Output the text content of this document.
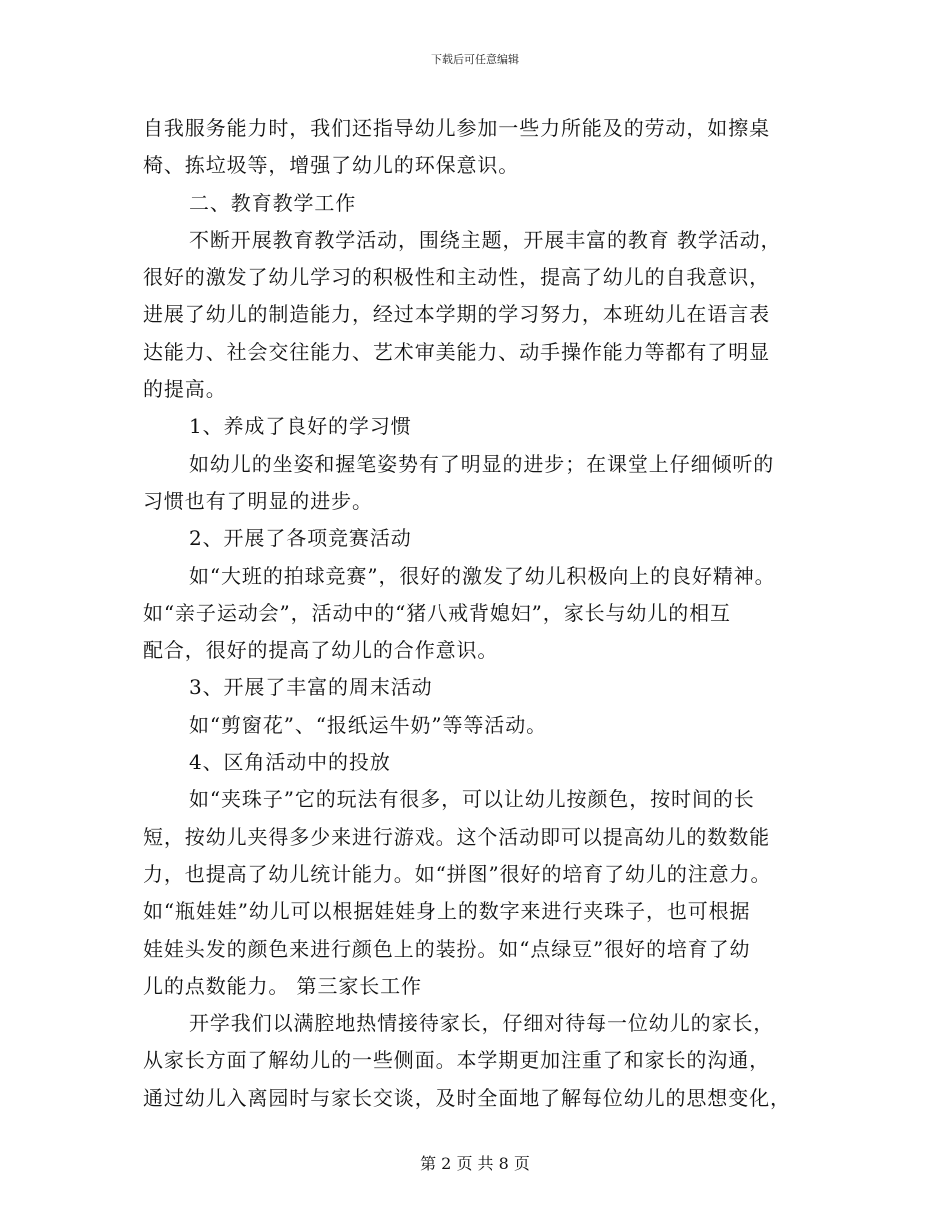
下载后可任意编辑
自我服务能力时，我们还指导幼儿参加一些力所能及的劳动，如擦桌
椅、拣垃圾等，增强了幼儿的环保意识。
二、教育教学工作
不断开展教育教学活动，围绕主题，开展丰富的教育 教学活动，
很好的激发了幼儿学习的积极性和主动性，提高了幼儿的自我意识，
进展了幼儿的制造能力，经过本学期的学习努力，本班幼儿在语言表
达能力、社会交往能力、艺术审美能力、动手操作能力等都有了明显
的提高。
1、养成了良好的学习惯
如幼儿的坐姿和握笔姿势有了明显的进步；在课堂上仔细倾听的
习惯也有了明显的进步。
2、开展了各项竞赛活动
如“大班的拍球竞赛”，很好的激发了幼儿积极向上的良好精神。
如“亲子运动会”，活动中的“猪八戒背媳妇”，家长与幼儿的相互
配合，很好的提高了幼儿的合作意识。
3、开展了丰富的周末活动
如“剪窗花”、“报纸运牛奶”等等活动。
4、区角活动中的投放
如“夹珠子”它的玩法有很多，可以让幼儿按颜色，按时间的长
短，按幼儿夹得多少来进行游戏。这个活动即可以提高幼儿的数数能
力，也提高了幼儿统计能力。如“拼图”很好的培育了幼儿的注意力。
如“瓶娃娃”幼儿可以根据娃娃身上的数字来进行夹珠子，也可根据
娃娃头发的颜色来进行颜色上的装扮。如“点绿豆”很好的培育了幼
儿的点数能力。 第三家长工作
开学我们以满腔地热情接待家长，仔细对待每一位幼儿的家长，
从家长方面了解幼儿的一些侧面。本学期更加注重了和家长的沟通，
通过幼儿入离园时与家长交谈，及时全面地了解每位幼儿的思想变化，
第 2 页 共 8 页
